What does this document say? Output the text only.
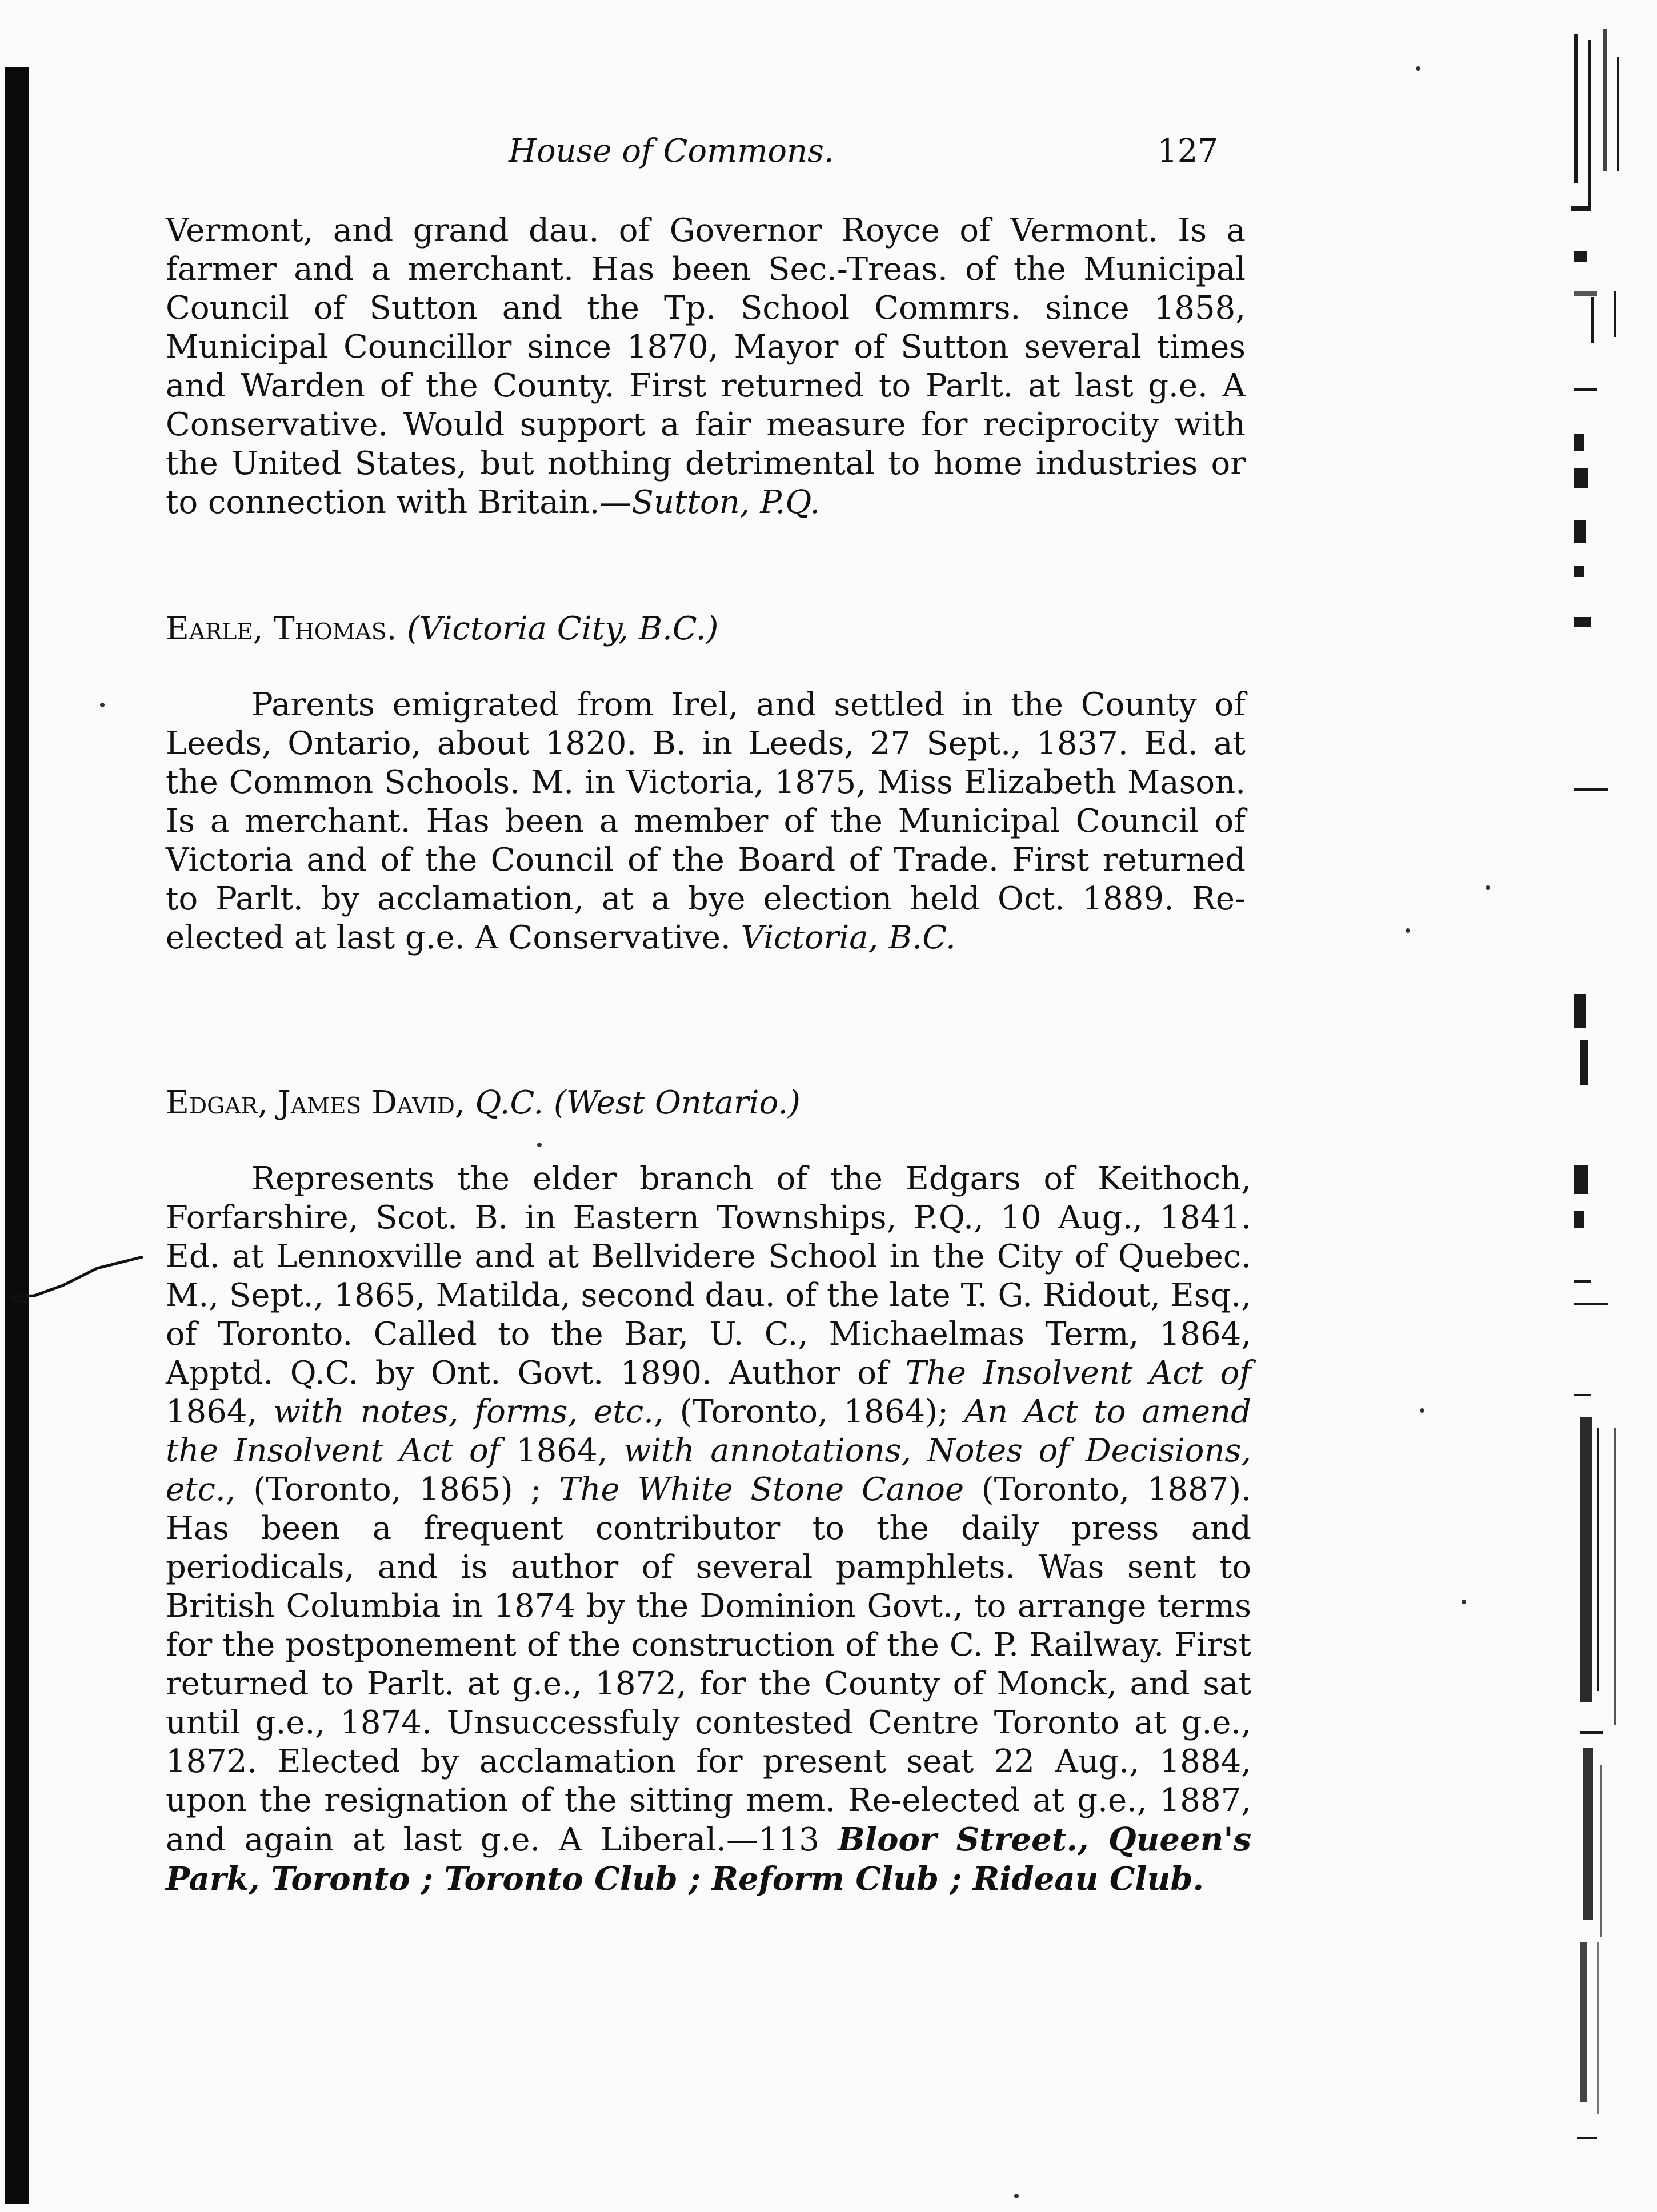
House of Commons.	127
Vermont, and grand dau. of Governor Royce of Vermont. Is a farmer and a merchant. Has been Sec.-Treas. of the Municipal Council of Sutton and the Tp. School Commrs. since 1858, Municipal Councillor since 1870, Mayor of Sutton several times and Warden of the County. First returned to Parlt. at last g.e. A Conservative. Would support a fair measure for reciprocity with the United States, but nothing detrimental to home industries or to connection with Britain.—Sutton, P.Q.
Earle, Thomas. (Victoria City, B.C.)
Parents emigrated from Irel, and settled in the County of Leeds, Ontario, about 1820. B. in Leeds, 27 Sept., 1837. Ed. at the Common Schools. M. in Victoria, 1875, Miss Elizabeth Mason. Is a merchant. Has been a member of the Municipal Council of Victoria and of the Council of the Board of Trade. First returned to Parlt. by acclamation, at a bye election held Oct. 1889. Re-elected at last g.e. A Conservative. Victoria, B.C.
Edgar, James David, Q.C. (West Ontario.)
Represents the elder branch of the Edgars of Keithoch, Forfarshire, Scot. B. in Eastern Townships, P.Q., 10 Aug., 1841. Ed. at Lennoxville and at Bellvidere School in the City of Quebec. M., Sept., 1865, Matilda, second dau. of the late T. G. Ridout, Esq., of Toronto. Called to the Bar, U. C., Michaelmas Term, 1864, Apptd. Q.C. by Ont. Govt. 1890. Author of The Insolvent Act of 1864, with notes, forms, etc., (Toronto, 1864); An Act to amend the Insolvent Act of 1864, with annotations, Notes of Decisions, etc., (Toronto, 1865) ; The White Stone Canoe (Toronto, 1887). Has been a frequent contributor to the daily press and periodicals, and is author of several pamphlets. Was sent to British Columbia in 1874 by the Dominion Govt., to arrange terms for the postponement of the construction of the C. P. Railway. First returned to Parlt. at g.e., 1872, for the County of Monck, and sat until g.e., 1874. Unsuccessfuly contested Centre Toronto at g.e., 1872. Elected by acclamation for present seat 22 Aug., 1884, upon the resignation of the sitting mem. Re-elected at g.e., 1887, and again at last g.e. A Liberal.—113 Bloor Street., Queen's Park, Toronto ; Toronto Club ; Reform Club ; Rideau Club.
